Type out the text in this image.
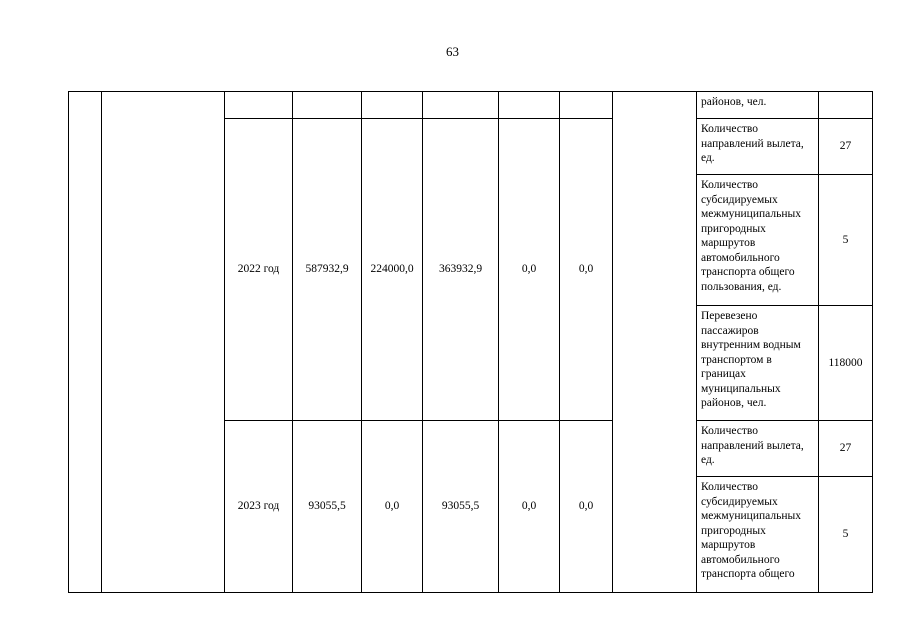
63
									районов, чел.	
		2022 год	587932,9	224000,0	363932,9	0,0	0,0		Количество направлений вылета, ед.	27
									Количество субсидируемых межмуниципальных пригородных маршрутов автомобильного транспорта общего пользования, ед.	5
									Перевезено пассажиров внутренним водным транспортом в границах муниципальных районов, чел.	118000
		2023 год	93055,5	0,0	93055,5	0,0	0,0		Количество направлений вылета, ед.	27
									Количество субсидируемых межмуниципальных пригородных маршрутов автомобильного транспорта общего	5
